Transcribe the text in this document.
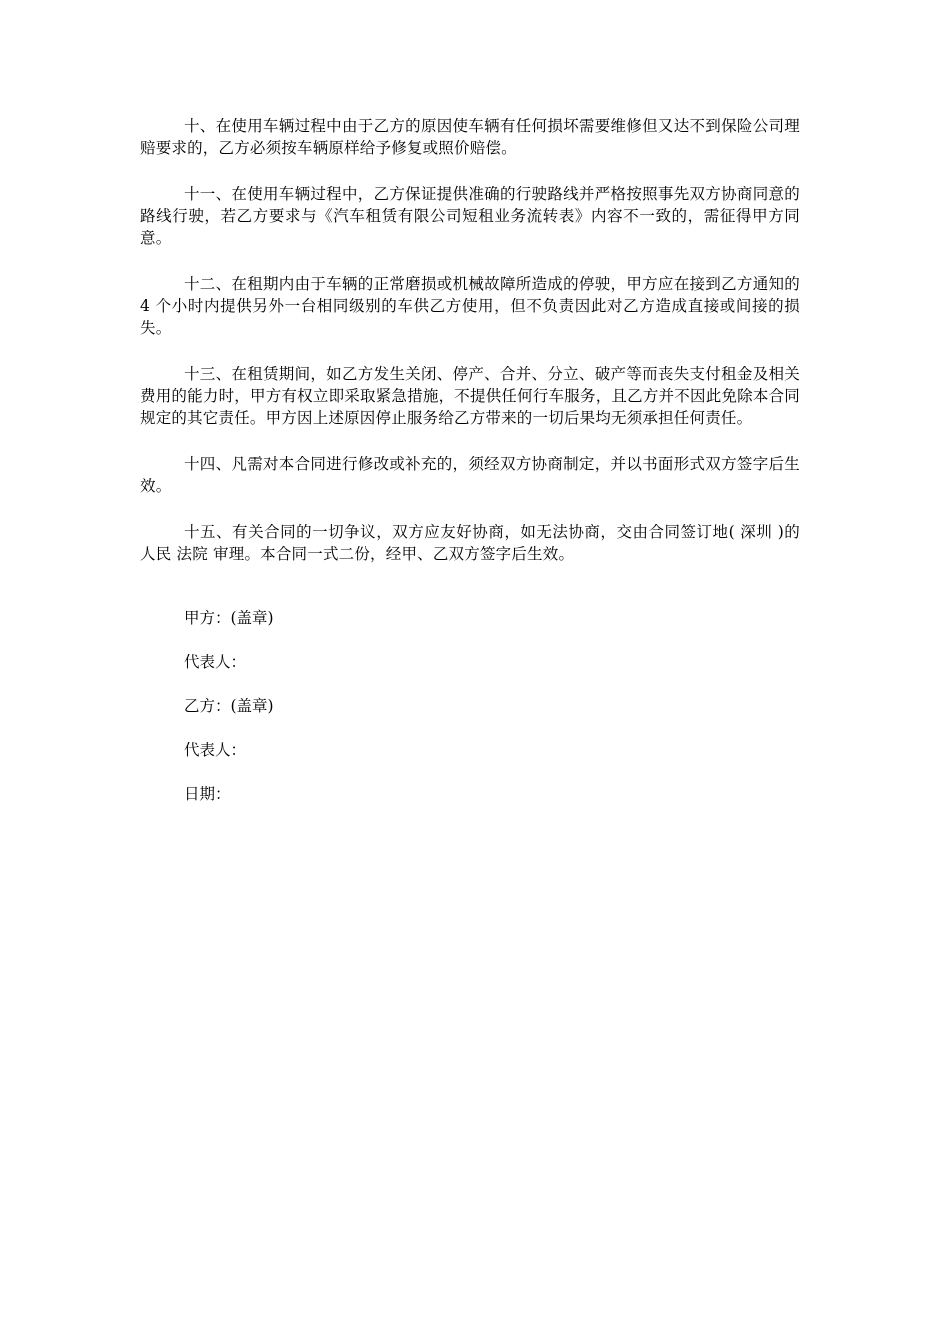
十、在使用车辆过程中由于乙方的原因使车辆有任何损坏需要维修但又达不到保险公司理赔要求的，乙方必须按车辆原样给予修复或照价赔偿。

十一、在使用车辆过程中，乙方保证提供准确的行驶路线并严格按照事先双方协商同意的路线行驶，若乙方要求与《汽车租赁有限公司短租业务流转表》内容不一致的，需征得甲方同意。

十二、在租期内由于车辆的正常磨损或机械故障所造成的停驶，甲方应在接到乙方通知的 4 个小时内提供另外一台相同级别的车供乙方使用，但不负责因此对乙方造成直接或间接的损失。

十三、在租赁期间，如乙方发生关闭、停产、合并、分立、破产等而丧失支付租金及相关费用的能力时，甲方有权立即采取紧急措施，不提供任何行车服务，且乙方并不因此免除本合同规定的其它责任。甲方因上述原因停止服务给乙方带来的一切后果均无须承担任何责任。

十四、凡需对本合同进行修改或补充的，须经双方协商制定，并以书面形式双方签字后生效。

十五、有关合同的一切争议，双方应友好协商，如无法协商，交由合同签订地( 深圳 )的人民 法院 审理。本合同一式二份，经甲、乙双方签字后生效。

甲方：(盖章)

代表人：

乙方：(盖章)

代表人：

日期：
